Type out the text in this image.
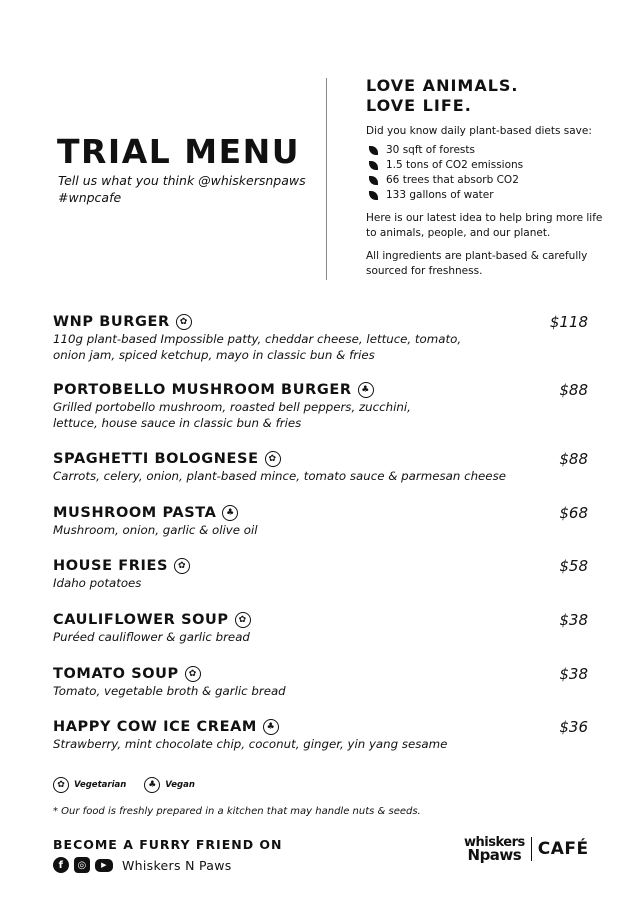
TRIAL MENU
Tell us what you think @whiskersnpaws
#wnpcafe
LOVE ANIMALS.
LOVE LIFE.

Did you know daily plant-based diets save:

30 sqft of forests
1.5 tons of CO2 emissions
66 trees that absorb CO2
133 gallons of water

Here is our latest idea to help bring more life

to animals, people, and our planet.

All ingredients are plant-based & carefully

sourced for freshness.

WNP BURGER	✿	$118
110g plant-based Impossible patty, cheddar cheese, lettuce, tomato,
onion jam, spiced ketchup, mayo in classic bun & fries
PORTOBELLO MUSHROOM BURGER	♣	$88
Grilled portobello mushroom, roasted bell peppers, zucchini,
lettuce, house sauce in classic bun & fries
SPAGHETTI BOLOGNESE	✿	$88
Carrots, celery, onion, plant-based mince, tomato sauce & parmesan cheese
MUSHROOM PASTA	♣	$68
Mushroom, onion, garlic & olive oil
HOUSE FRIES	✿	$58
Idaho potatoes
CAULIFLOWER SOUP	✿	$38
Puréed cauliflower & garlic bread
TOMATO SOUP	✿	$38
Tomato, vegetable broth & garlic bread
HAPPY COW ICE CREAM	♣	$36
Strawberry, mint chocolate chip, coconut, ginger, yin yang sesame
✿	Vegetarian	♣	Vegan
* Our food is freshly prepared in a kitchen that may handle nuts & seeds.
BECOME A FURRY FRIEND ON
f	◎	▶	Whiskers N Paws
whiskers
Npaws CAFÉ
